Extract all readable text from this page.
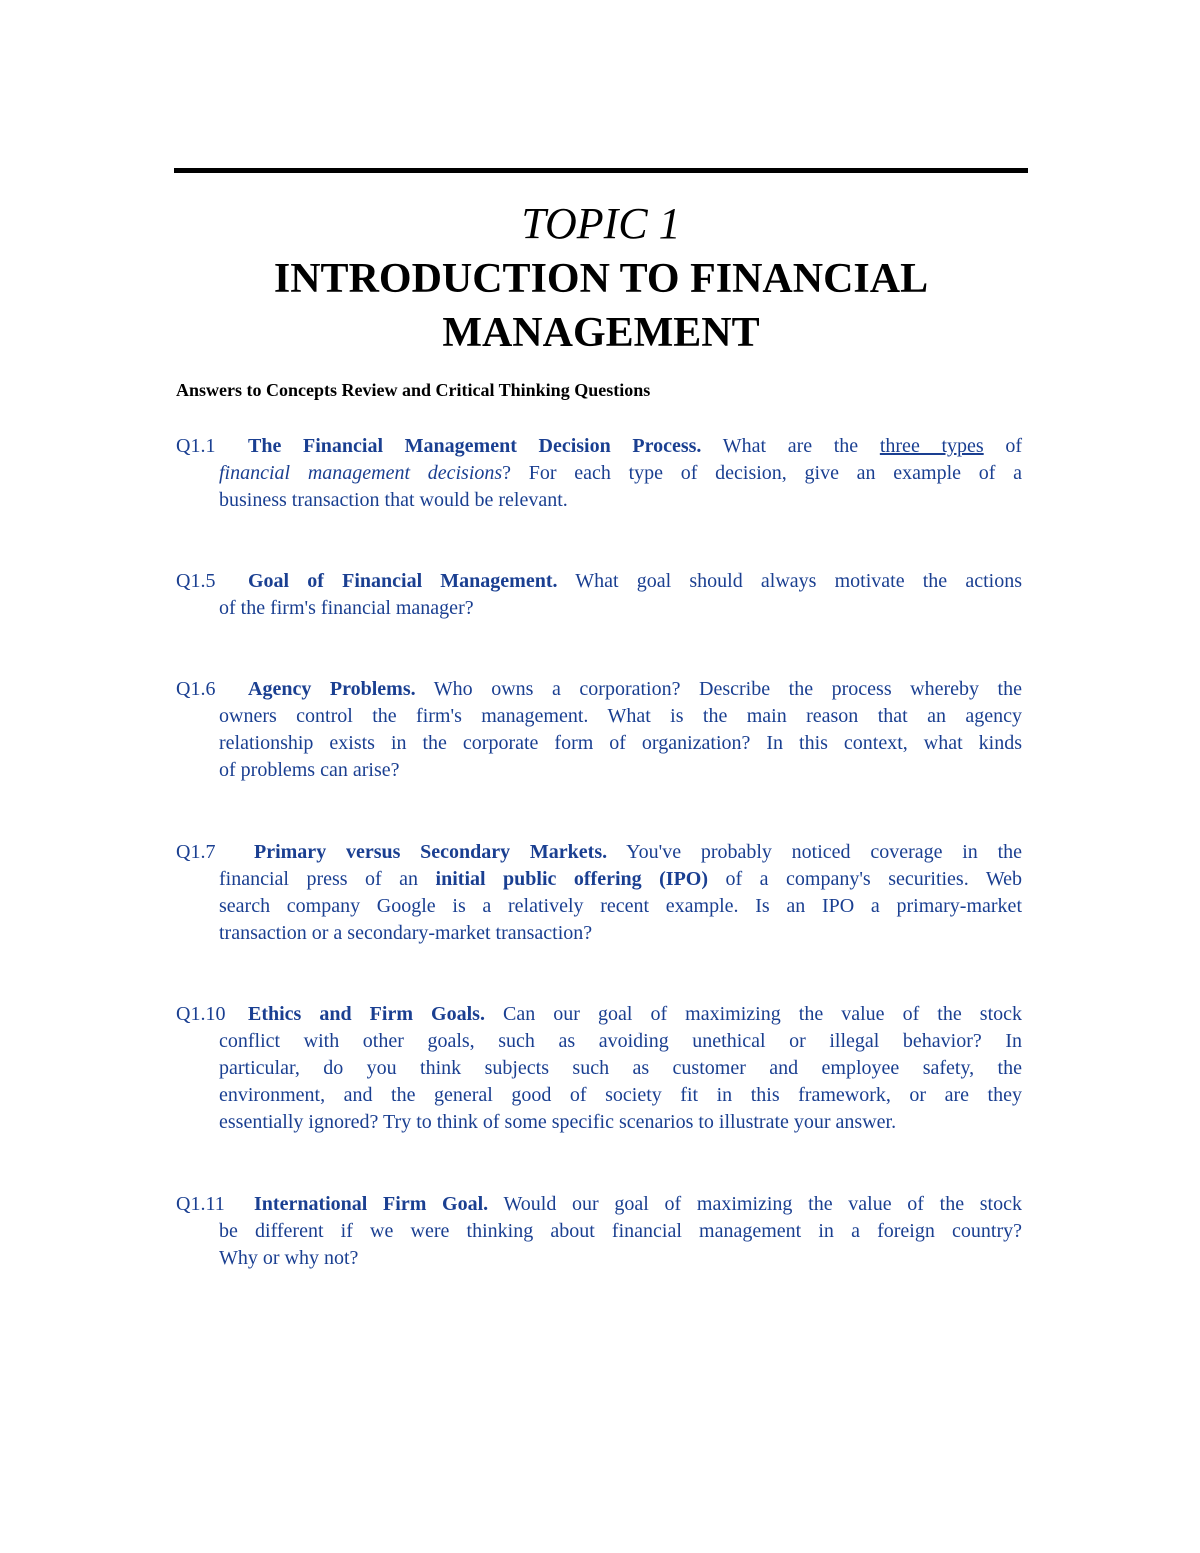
TOPIC 1
INTRODUCTION TO FINANCIAL
MANAGEMENT
Answers to Concepts Review and Critical Thinking Questions
Q1.1 The Financial Management Decision Process. What are the three types of
financial management decisions? For each type of decision, give an example of a
business transaction that would be relevant.
Q1.5 Goal of Financial Management. What goal should always motivate the actions
of the firm's financial manager?
Q1.6 Agency Problems. Who owns a corporation? Describe the process whereby the
owners control the firm's management. What is the main reason that an agency
relationship exists in the corporate form of organization? In this context, what kinds
of problems can arise?
Q1.7 Primary versus Secondary Markets. You've probably noticed coverage in the
financial press of an initial public offering (IPO) of a company's securities. Web
search company Google is a relatively recent example. Is an IPO a primary-market
transaction or a secondary-market transaction?
Q1.10 Ethics and Firm Goals. Can our goal of maximizing the value of the stock
conflict with other goals, such as avoiding unethical or illegal behavior? In
particular, do you think subjects such as customer and employee safety, the
environment, and the general good of society fit in this framework, or are they
essentially ignored? Try to think of some specific scenarios to illustrate your answer.
Q1.11 International Firm Goal. Would our goal of maximizing the value of the stock
be different if we were thinking about financial management in a foreign country?
Why or why not?
